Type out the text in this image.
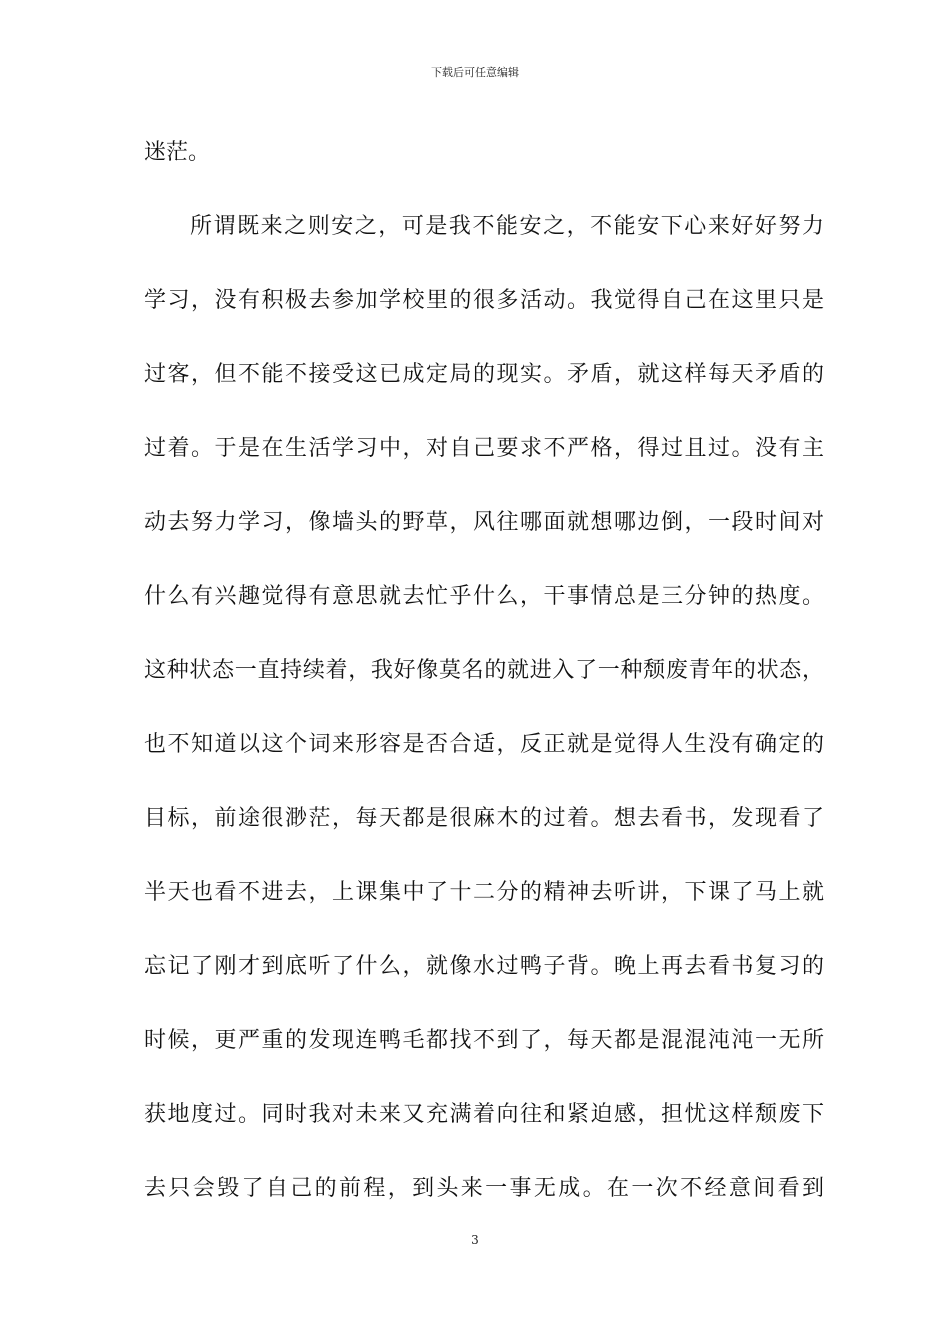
下载后可任意编辑
迷茫。
所谓既来之则安之，可是我不能安之，不能安下心来好好努力
学习，没有积极去参加学校里的很多活动。我觉得自己在这里只是
过客，但不能不接受这已成定局的现实。矛盾，就这样每天矛盾的
过着。于是在生活学习中，对自己要求不严格，得过且过。没有主
动去努力学习，像墙头的野草，风往哪面就想哪边倒，一段时间对
什么有兴趣觉得有意思就去忙乎什么，干事情总是三分钟的热度。
这种状态一直持续着，我好像莫名的就进入了一种颓废青年的状态，
也不知道以这个词来形容是否合适，反正就是觉得人生没有确定的
目标，前途很渺茫，每天都是很麻木的过着。想去看书，发现看了
半天也看不进去，上课集中了十二分的精神去听讲，下课了马上就
忘记了刚才到底听了什么，就像水过鸭子背。晚上再去看书复习的
时候，更严重的发现连鸭毛都找不到了，每天都是混混沌沌一无所
获地度过。同时我对未来又充满着向往和紧迫感，担忧这样颓废下
去只会毁了自己的前程，到头来一事无成。在一次不经意间看到
3
